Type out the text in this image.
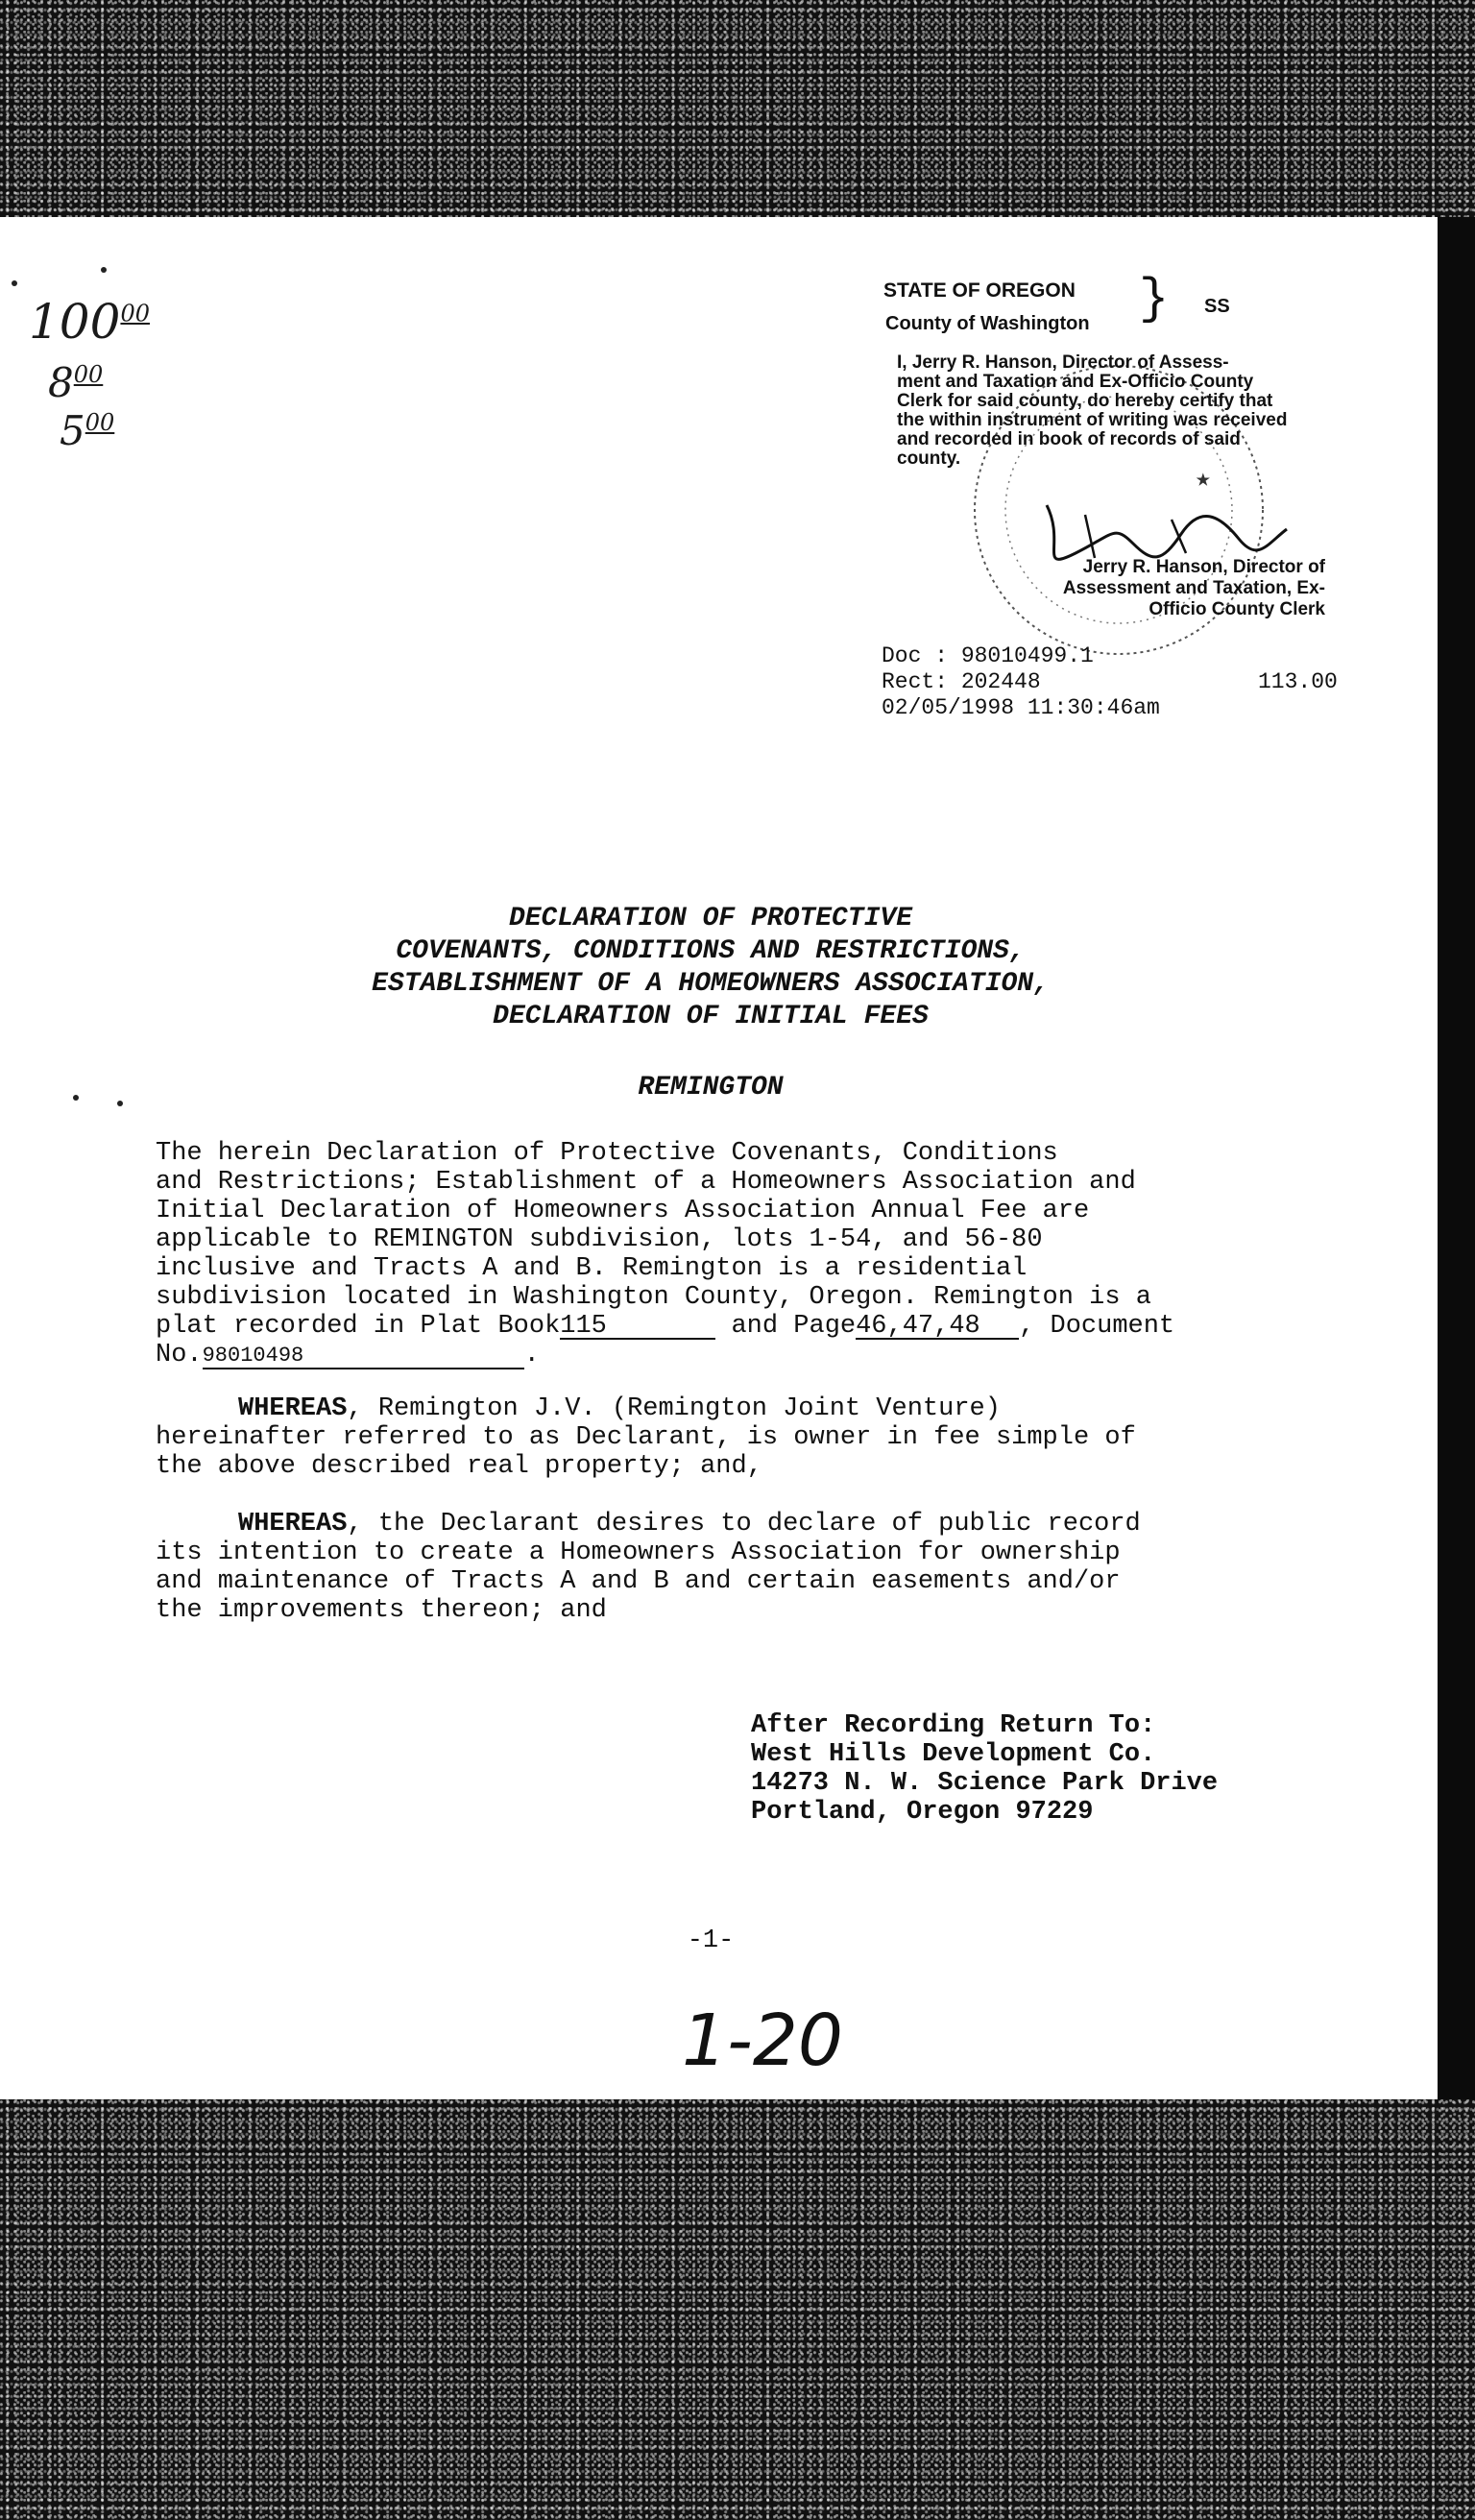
$100^{00}$
$8^{00}$
$5^{00}$
★
STATE OF OREGON
County of Washington } SS
I, Jerry R. Hanson, Director of Assess-
ment and Taxation and Ex-Officio County
Clerk for said county, do hereby certify that
the within instrument of writing was received
and recorded in book of records of said
county.
Jerry R. Hanson, Director of
Assessment and Taxation, Ex-
Officio County Clerk
Doc : 98010499.1
Rect: 202448	113.00
02/05/1998 11:30:46am
DECLARATION OF PROTECTIVE
COVENANTS, CONDITIONS AND RESTRICTIONS,
ESTABLISHMENT OF A HOMEOWNERS ASSOCIATION,
DECLARATION OF INITIAL FEES
REMINGTON
The herein Declaration of Protective Covenants, Conditions
and Restrictions; Establishment of a Homeowners Association and
Initial Declaration of Homeowners Association Annual Fee are
applicable to REMINGTON subdivision, lots 1-54, and 56-80
inclusive and Tracts A and B. Remington is a residential
subdivision located in Washington County, Oregon. Remington is a
plat recorded in Plat Book115	and Page46,47,48 , Document
No.98010498	.
WHEREAS, Remington J.V. (Remington Joint Venture)
hereinafter referred to as Declarant, is owner in fee simple of
the above described real property; and,
WHEREAS, the Declarant desires to declare of public record
its intention to create a Homeowners Association for ownership
and maintenance of Tracts A and B and certain easements and/or
the improvements thereon; and
After Recording Return To:
West Hills Development Co.
14273 N. W. Science Park Drive
Portland, Oregon 97229
-1-
1-20
